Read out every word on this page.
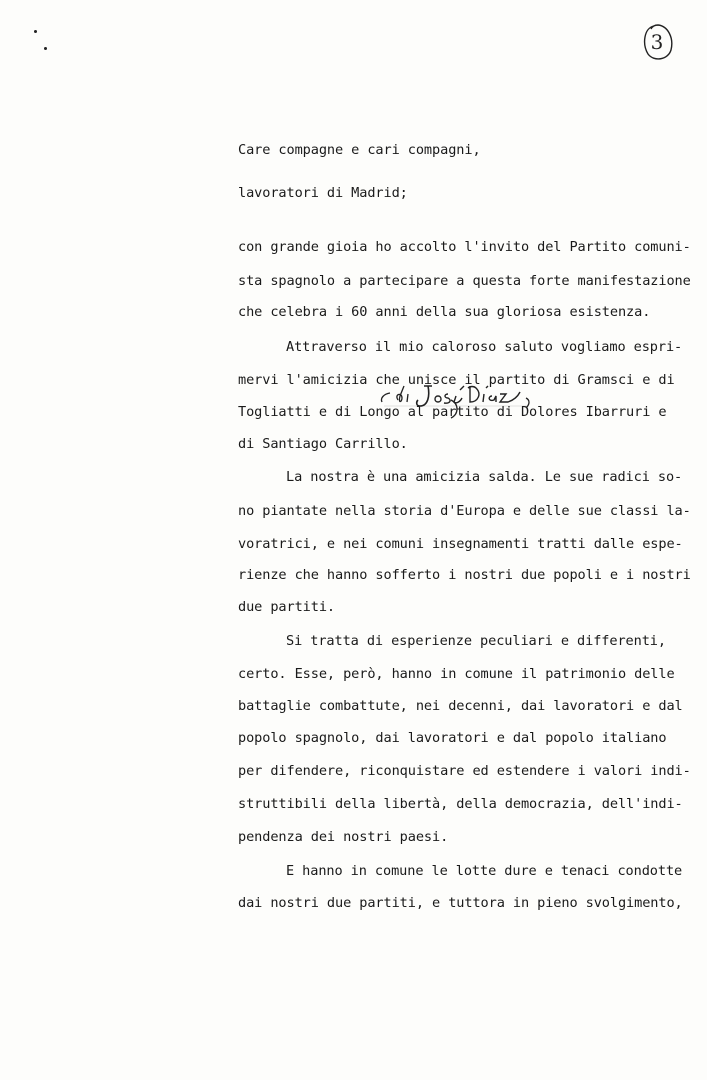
3
Care compagne e cari compagni,
lavoratori di Madrid;
con grande gioia ho accolto l'invito del Partito comuni-
sta spagnolo a partecipare a questa forte manifestazione
che celebra i 60 anni della sua gloriosa esistenza.
Attraverso il mio caloroso saluto vogliamo espri-
mervi l'amicizia che unisce il partito di Gramsci e di
Togliatti e di Longo al partito di Dolores Ibarruri e
di Santiago Carrillo.
La nostra è una amicizia salda. Le sue radici so-
no piantate nella storia d'Europa e delle sue classi la-
voratrici, e nei comuni insegnamenti tratti dalle espe-
rienze che hanno sofferto i nostri due popoli e i nostri
due partiti.
Si tratta di esperienze peculiari e differenti,
certo. Esse, però, hanno in comune il patrimonio delle
battaglie combattute, nei decenni, dai lavoratori e dal
popolo spagnolo, dai lavoratori e dal popolo italiano
per difendere, riconquistare ed estendere i valori indi-
struttibili della libertà, della democrazia, dell'indi-
pendenza dei nostri paesi.
E hanno in comune le lotte dure e tenaci condotte
dai nostri due partiti, e tuttora in pieno svolgimento,
